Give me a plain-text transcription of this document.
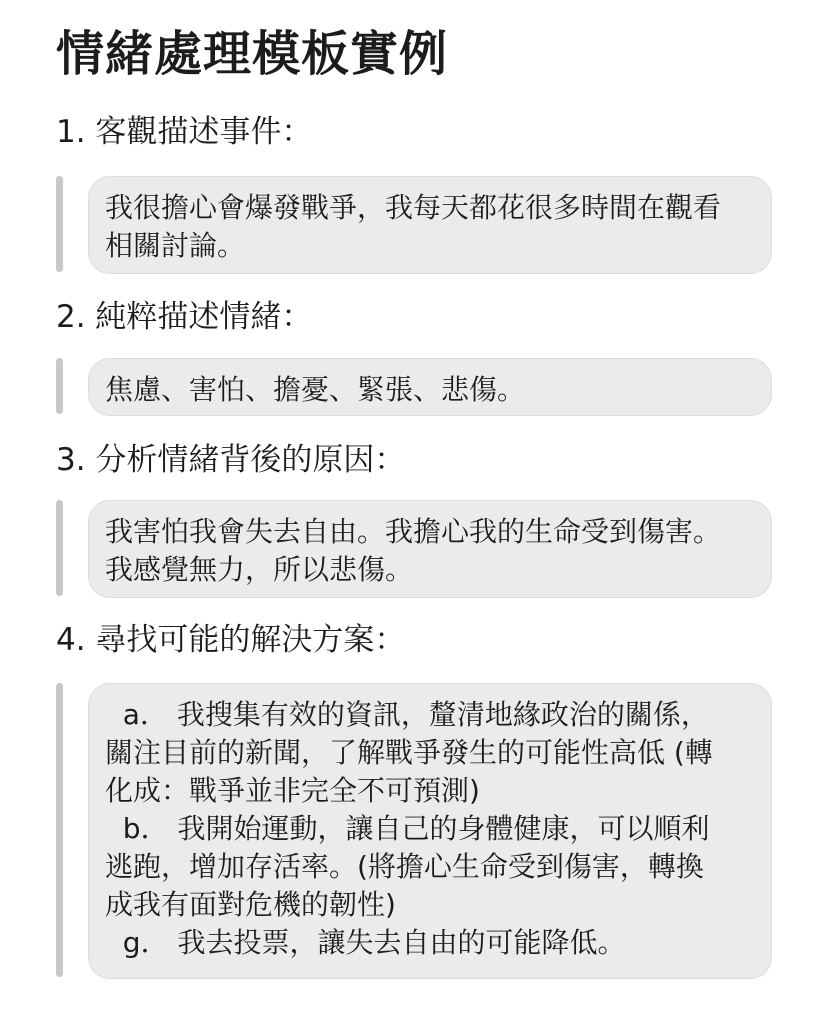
情緒處理模板實例
1. 客觀描述事件：
我很擔心會爆發戰爭，我每天都花很多時間在觀看
相關討論。
2. 純粹描述情緒：
焦慮、害怕、擔憂、緊張、悲傷。
3. 分析情緒背後的原因：
我害怕我會失去自由。我擔心我的生命受到傷害。
我感覺無力，所以悲傷。
4. 尋找可能的解決方案：
a． 我搜集有效的資訊，釐清地緣政治的關係，
關注目前的新聞，了解戰爭發生的可能性高低 (轉
化成：戰爭並非完全不可預測)
b． 我開始運動，讓自己的身體健康，可以順利
逃跑，增加存活率。(將擔心生命受到傷害，轉換
成我有面對危機的韌性)
g． 我去投票，讓失去自由的可能降低。
